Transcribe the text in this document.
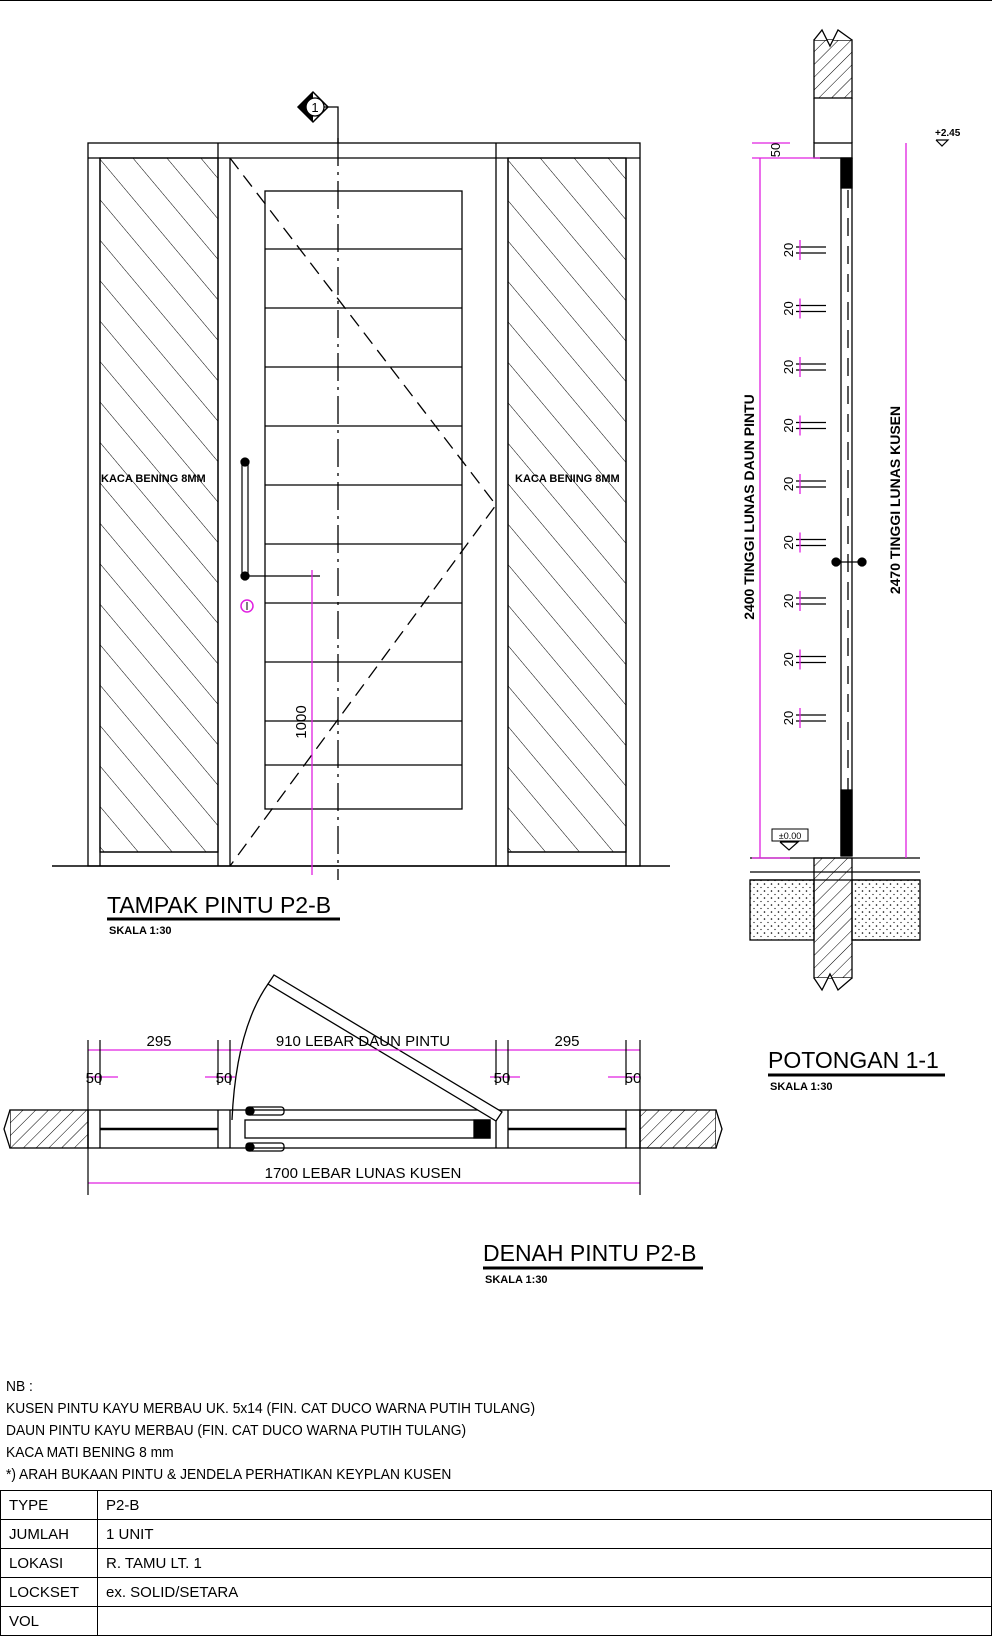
1000
1
KACA BENING 8MM	KACA BENING 8MM
TAMPAK PINTU P2-B
SKALA 1:30
20
20
20
20
20
20
20
20
20
50
2400 TINGGI LUNAS DAUN PINTU	2470 TINGGI LUNAS KUSEN
+2.45
±0.00
POTONGAN 1-1
SKALA 1:30
295	910 LEBAR DAUN PINTU	295
50	50	50	50
1700 LEBAR LUNAS KUSEN
DENAH PINTU P2-B
SKALA 1:30
NB :
KUSEN PINTU KAYU MERBAU UK. 5x14 (FIN. CAT DUCO WARNA PUTIH TULANG)
DAUN PINTU KAYU MERBAU (FIN. CAT DUCO WARNA PUTIH TULANG)
KACA MATI BENING 8 mm
*) ARAH BUKAAN PINTU & JENDELA PERHATIKAN KEYPLAN KUSEN
TYPE	P2-B
JUMLAH	1 UNIT
LOKASI	R. TAMU LT. 1
LOCKSET	ex. SOLID/SETARA
VOL	
